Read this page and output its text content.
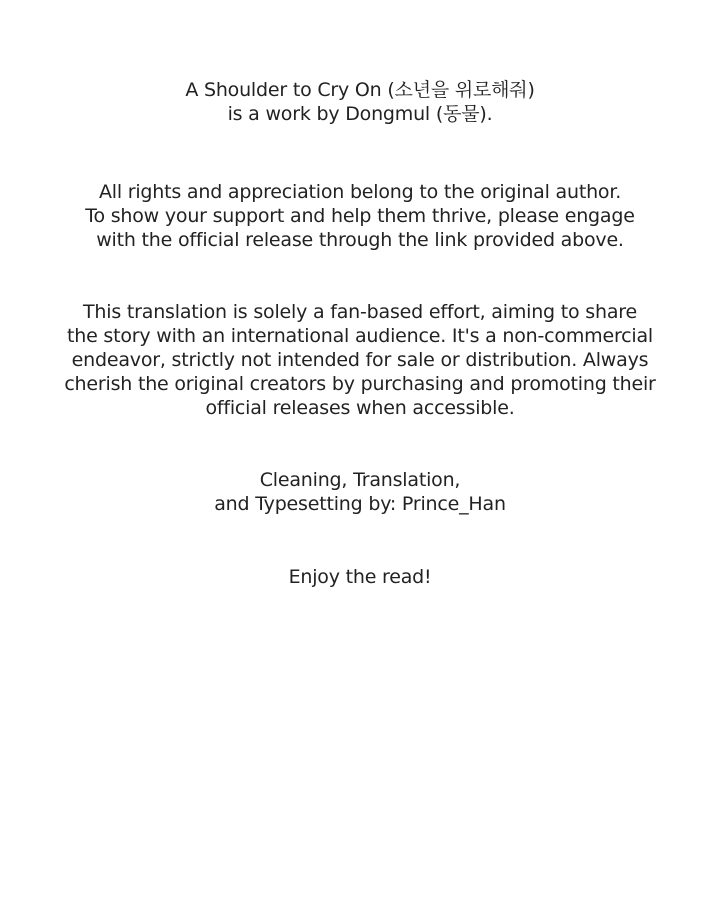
A Shoulder to Cry On (소년을 위로해줘)
is a work by Dongmul (동물).
All rights and appreciation belong to the original author.
To show your support and help them thrive, please engage
with the official release through the link provided above.
This translation is solely a fan-based effort, aiming to share
the story with an international audience. It's a non-commercial
endeavor, strictly not intended for sale or distribution. Always
cherish the original creators by purchasing and promoting their
official releases when accessible.
Cleaning, Translation,
and Typesetting by: Prince_Han
Enjoy the read!
